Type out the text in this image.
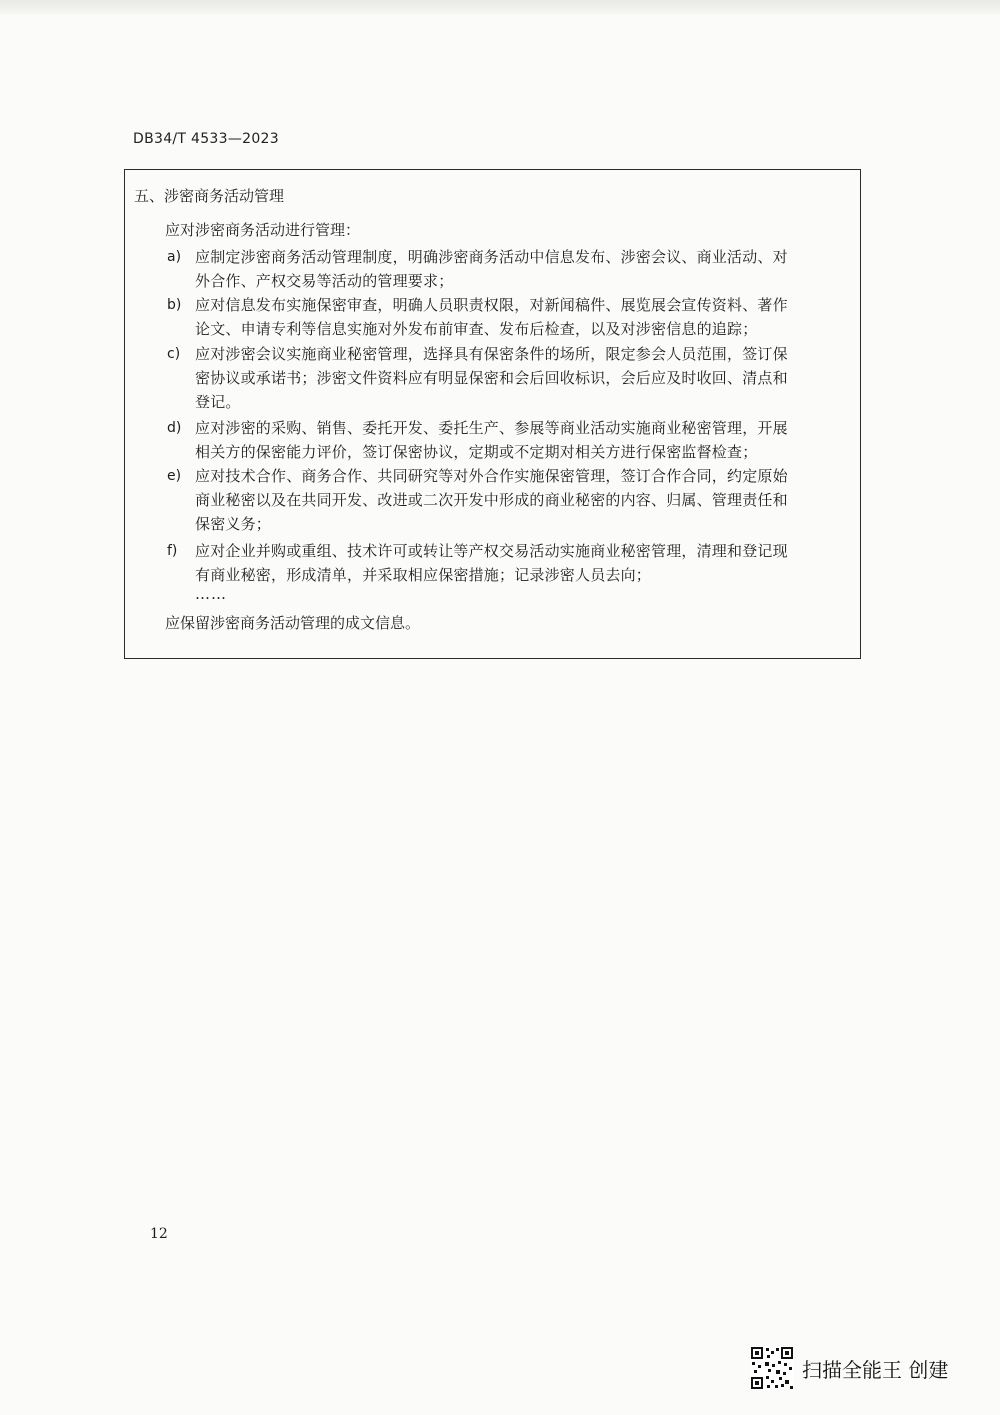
DB34/T 4533—2023
五、涉密商务活动管理
应对涉密商务活动进行管理：
a) 应制定涉密商务活动管理制度，明确涉密商务活动中信息发布、涉密会议、商业活动、对
外合作、产权交易等活动的管理要求；
b) 应对信息发布实施保密审查，明确人员职责权限，对新闻稿件、展览展会宣传资料、著作
论文、申请专利等信息实施对外发布前审查、发布后检查，以及对涉密信息的追踪；
c) 应对涉密会议实施商业秘密管理，选择具有保密条件的场所，限定参会人员范围，签订保
密协议或承诺书；涉密文件资料应有明显保密和会后回收标识，会后应及时收回、清点和
登记。
d) 应对涉密的采购、销售、委托开发、委托生产、参展等商业活动实施商业秘密管理，开展
相关方的保密能力评价，签订保密协议，定期或不定期对相关方进行保密监督检查；
e) 应对技术合作、商务合作、共同研究等对外合作实施保密管理，签订合作合同，约定原始
商业秘密以及在共同开发、改进或二次开发中形成的商业秘密的内容、归属、管理责任和
保密义务；
f)	应对企业并购或重组、技术许可或转让等产权交易活动实施商业秘密管理，清理和登记现
有商业秘密，形成清单，并采取相应保密措施；记录涉密人员去向；
……
应保留涉密商务活动管理的成文信息。
12
扫描全能王 创建
